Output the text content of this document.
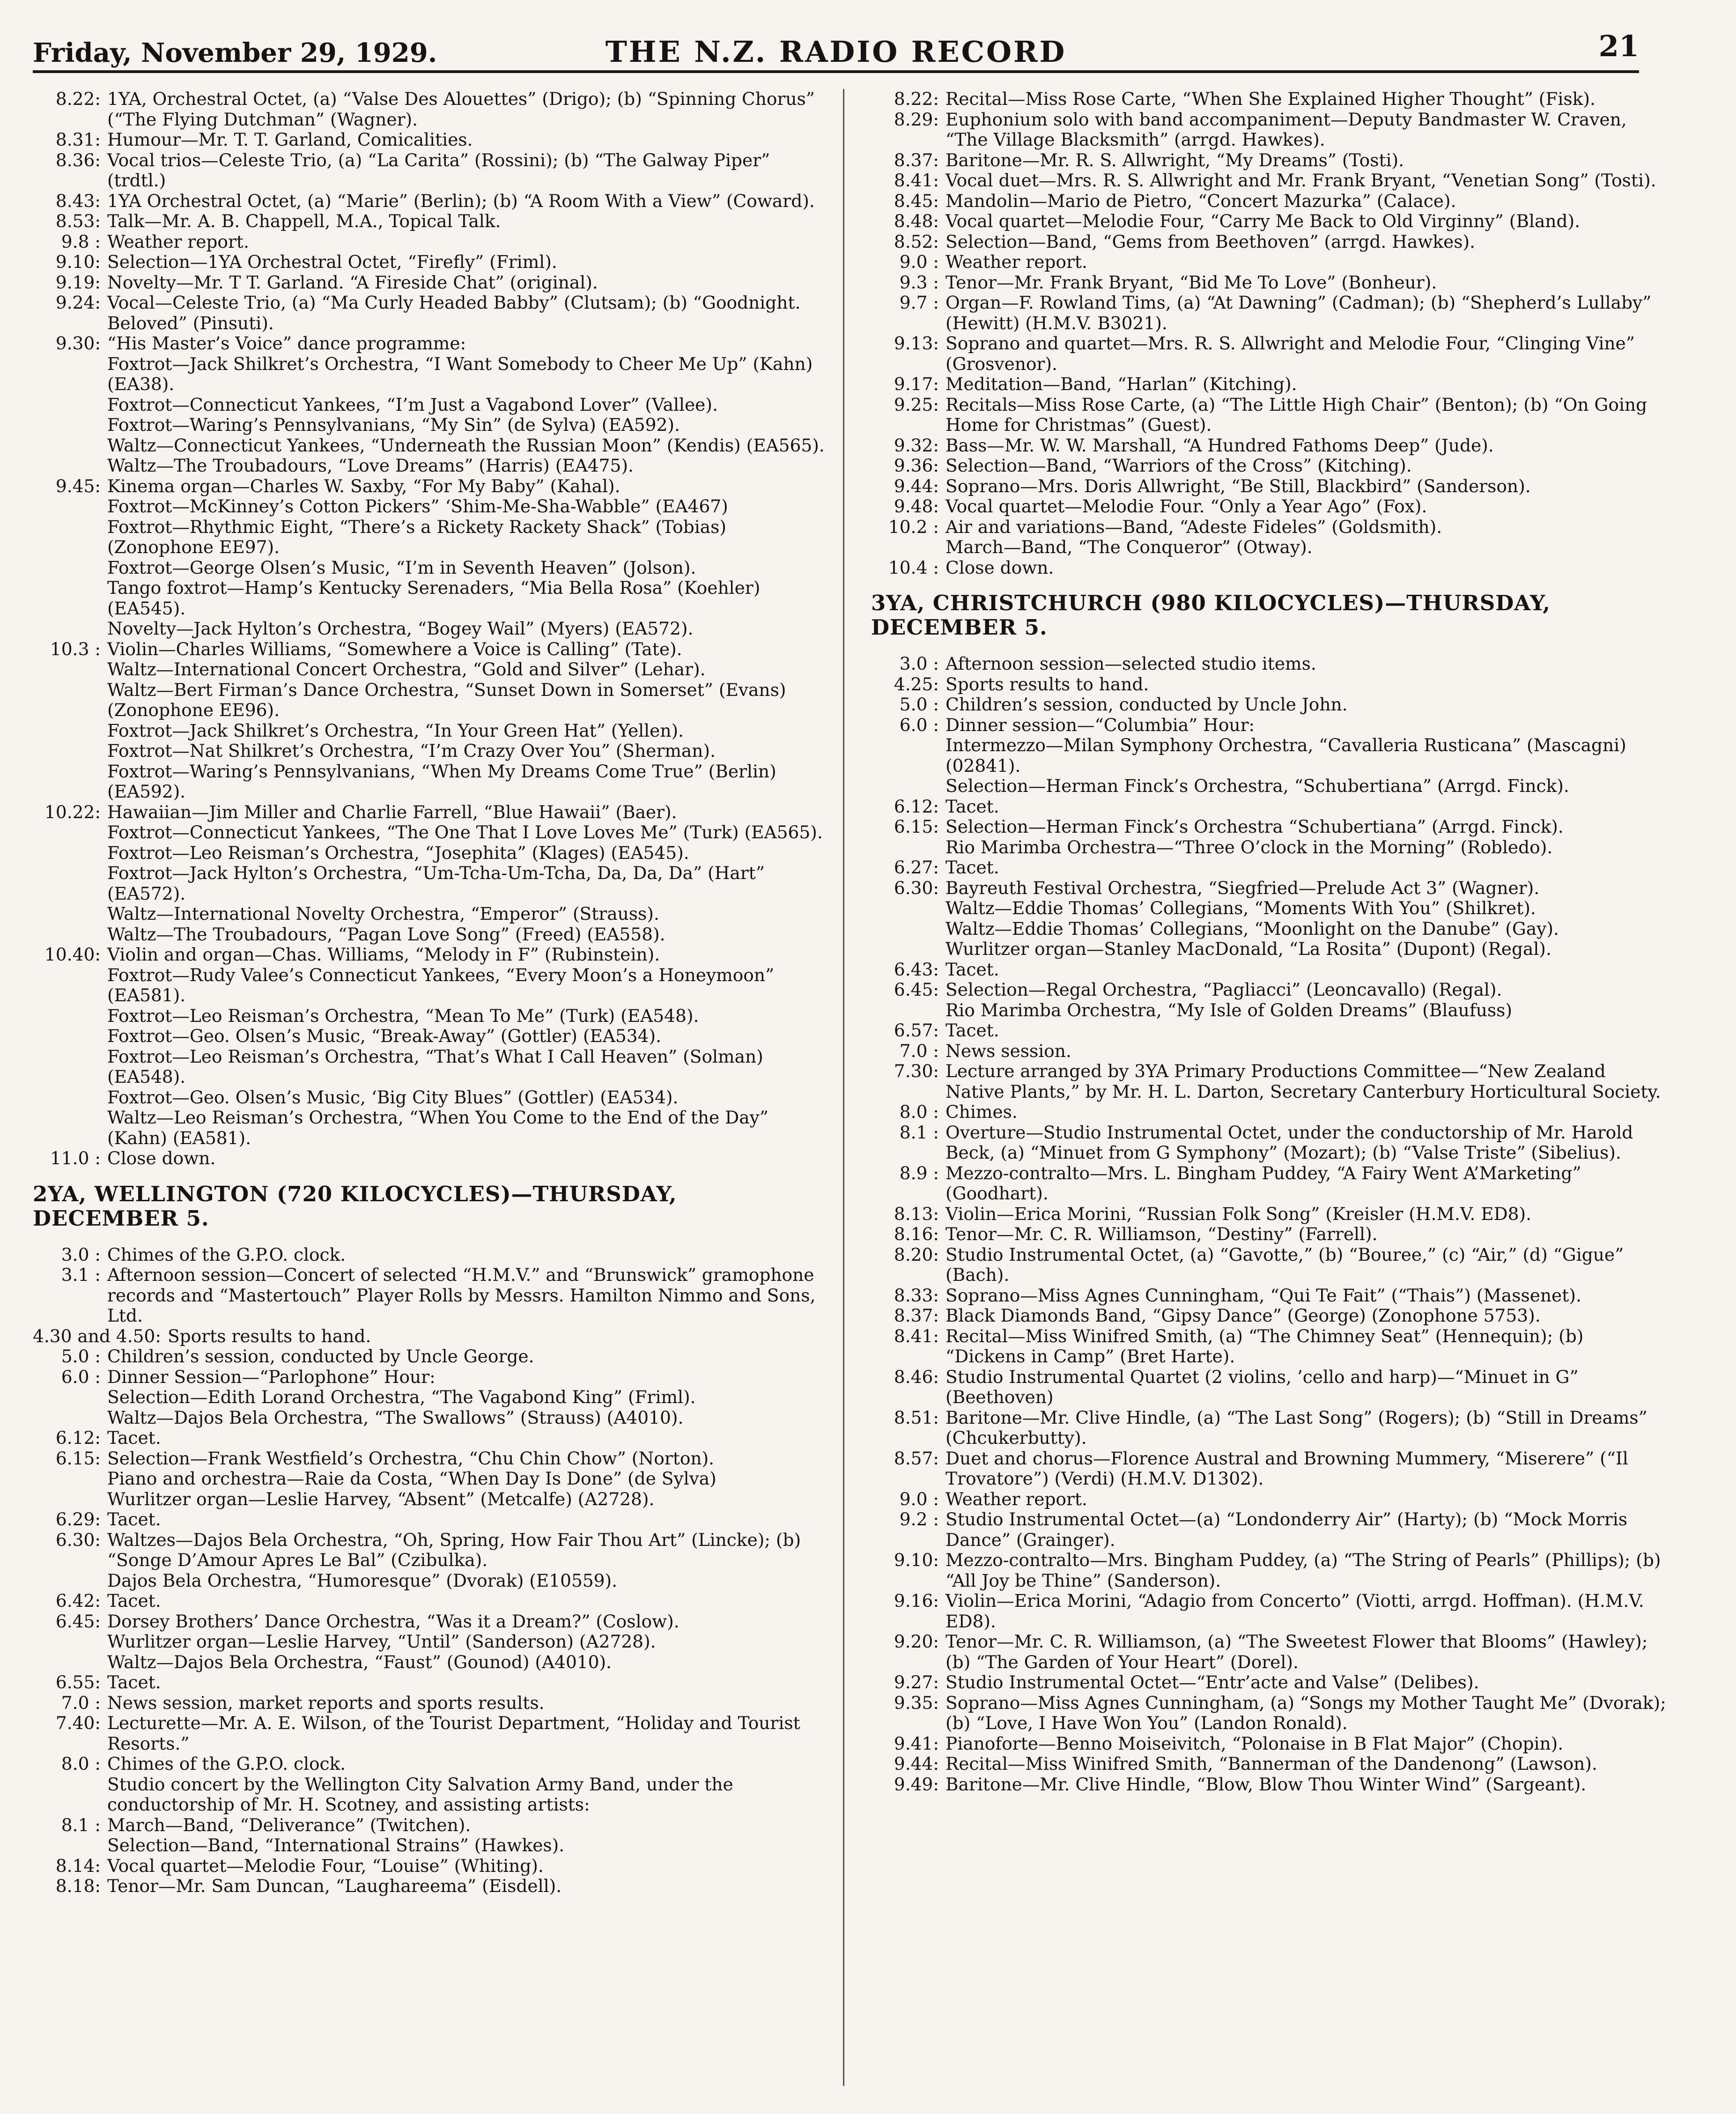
Friday, November 29, 1929.	THE N.Z. RADIO RECORD	21
8.22: 1YA, Orchestral Octet, (a) “Valse Des Alouettes” (Drigo); (b) “Spinning Chorus” (“The Flying Dutchman” (Wagner).
8.31: Humour—Mr. T. T. Garland, Comicalities.
8.36: Vocal trios—Celeste Trio, (a) “La Carita” (Rossini); (b) “The Galway Piper” (trdtl.)
8.43: 1YA Orchestral Octet, (a) “Marie” (Berlin); (b) “A Room With a View” (Coward).
8.53: Talk—Mr. A. B. Chappell, M.A., Topical Talk.
9.8 : Weather report.
9.10: Selection—1YA Orchestral Octet, “Firefly” (Friml).
9.19: Novelty—Mr. T T. Garland. “A Fireside Chat” (original).
9.24: Vocal—Celeste Trio, (a) “Ma Curly Headed Babby” (Clutsam); (b) “Goodnight. Beloved” (Pinsuti).
9.30: “His Master’s Voice” dance programme:
Foxtrot—Jack Shilkret’s Orchestra, “I Want Somebody to Cheer Me Up” (Kahn) (EA38).
Foxtrot—Connecticut Yankees, “I’m Just a Vagabond Lover” (Vallee).
Foxtrot—Waring’s Pennsylvanians, “My Sin” (de Sylva) (EA592).
Waltz—Connecticut Yankees, “Underneath the Russian Moon” (Kendis) (EA565).
Waltz—The Troubadours, “Love Dreams” (Harris) (EA475).
9.45: Kinema organ—Charles W. Saxby, “For My Baby” (Kahal).
Foxtrot—McKinney’s Cotton Pickers” ‘Shim-Me-Sha-Wabble” (EA467)
Foxtrot—Rhythmic Eight, “There’s a Rickety Rackety Shack” (Tobias) (Zonophone EE97).
Foxtrot—George Olsen’s Music, “I’m in Seventh Heaven” (Jolson).
Tango foxtrot—Hamp’s Kentucky Serenaders, “Mia Bella Rosa” (Koehler) (EA545).
Novelty—Jack Hylton’s Orchestra, “Bogey Wail” (Myers) (EA572).
10.3 : Violin—Charles Williams, “Somewhere a Voice is Calling” (Tate).
Waltz—International Concert Orchestra, “Gold and Silver” (Lehar).
Waltz—Bert Firman’s Dance Orchestra, “Sunset Down in Somerset” (Evans) (Zonophone EE96).
Foxtrot—Jack Shilkret’s Orchestra, “In Your Green Hat” (Yellen).
Foxtrot—Nat Shilkret’s Orchestra, “I’m Crazy Over You” (Sherman).
Foxtrot—Waring’s Pennsylvanians, “When My Dreams Come True” (Berlin) (EA592).
10.22: Hawaiian—Jim Miller and Charlie Farrell, “Blue Hawaii” (Baer).
Foxtrot—Connecticut Yankees, “The One That I Love Loves Me” (Turk) (EA565).
Foxtrot—Leo Reisman’s Orchestra, “Josephita” (Klages) (EA545).
Foxtrot—Jack Hylton’s Orchestra, “Um-Tcha-Um-Tcha, Da, Da, Da” (Hart” (EA572).
Waltz—International Novelty Orchestra, “Emperor” (Strauss).
Waltz—The Troubadours, “Pagan Love Song” (Freed) (EA558).
10.40: Violin and organ—Chas. Williams, “Melody in F” (Rubinstein).
Foxtrot—Rudy Valee’s Connecticut Yankees, “Every Moon’s a Honeymoon” (EA581).
Foxtrot—Leo Reisman’s Orchestra, “Mean To Me” (Turk) (EA548).
Foxtrot—Geo. Olsen’s Music, “Break-Away” (Gottler) (EA534).
Foxtrot—Leo Reisman’s Orchestra, “That’s What I Call Heaven” (Solman) (EA548).
Foxtrot—Geo. Olsen’s Music, ‘Big City Blues” (Gottler) (EA534).
Waltz—Leo Reisman’s Orchestra, “When You Come to the End of the Day” (Kahn) (EA581).
11.0 : Close down.
2YA, WELLINGTON (720 KILOCYCLES)—THURSDAY, DECEMBER 5.
3.0 : Chimes of the G.P.O. clock.
3.1 : Afternoon session—Concert of selected “H.M.V.” and “Brunswick” gramophone records and “Mastertouch” Player Rolls by Messrs. Hamilton Nimmo and Sons, Ltd.
4.30 and 4.50: Sports results to hand.
5.0 : Children’s session, conducted by Uncle George.
6.0 : Dinner Session—“Parlophone” Hour:
Selection—Edith Lorand Orchestra, “The Vagabond King” (Friml).
Waltz—Dajos Bela Orchestra, “The Swallows” (Strauss) (A4010).
6.12: Tacet.
6.15: Selection—Frank Westfield’s Orchestra, “Chu Chin Chow” (Norton).
Piano and orchestra—Raie da Costa, “When Day Is Done” (de Sylva)
Wurlitzer organ—Leslie Harvey, “Absent” (Metcalfe) (A2728).
6.29: Tacet.
6.30: Waltzes—Dajos Bela Orchestra, “Oh, Spring, How Fair Thou Art” (Lincke); (b) “Songe D’Amour Apres Le Bal” (Czibulka).
Dajos Bela Orchestra, “Humoresque” (Dvorak) (E10559).
6.42: Tacet.
6.45: Dorsey Brothers’ Dance Orchestra, “Was it a Dream?” (Coslow).
Wurlitzer organ—Leslie Harvey, “Until” (Sanderson) (A2728).
Waltz—Dajos Bela Orchestra, “Faust” (Gounod) (A4010).
6.55: Tacet.
7.0 : News session, market reports and sports results.
7.40: Lecturette—Mr. A. E. Wilson, of the Tourist Department, “Holiday and Tourist Resorts.”
8.0 : Chimes of the G.P.O. clock.
Studio concert by the Wellington City Salvation Army Band, under the conductorship of Mr. H. Scotney, and assisting artists:
8.1 : March—Band, “Deliverance” (Twitchen).
Selection—Band, “International Strains” (Hawkes).
8.14: Vocal quartet—Melodie Four, “Louise” (Whiting).
8.18: Tenor—Mr. Sam Duncan, “Laughareema” (Eisdell).
8.22: Recital—Miss Rose Carte, “When She Explained Higher Thought” (Fisk).
8.29: Euphonium solo with band accompaniment—Deputy Bandmaster W. Craven, “The Village Blacksmith” (arrgd. Hawkes).
8.37: Baritone—Mr. R. S. Allwright, “My Dreams” (Tosti).
8.41: Vocal duet—Mrs. R. S. Allwright and Mr. Frank Bryant, “Venetian Song” (Tosti).
8.45: Mandolin—Mario de Pietro, “Concert Mazurka” (Calace).
8.48: Vocal quartet—Melodie Four, “Carry Me Back to Old Virginny” (Bland).
8.52: Selection—Band, “Gems from Beethoven” (arrgd. Hawkes).
9.0 : Weather report.
9.3 : Tenor—Mr. Frank Bryant, “Bid Me To Love” (Bonheur).
9.7 : Organ—F. Rowland Tims, (a) “At Dawning” (Cadman); (b) “Shepherd’s Lullaby” (Hewitt) (H.M.V. B3021).
9.13: Soprano and quartet—Mrs. R. S. Allwright and Melodie Four, “Clinging Vine” (Grosvenor).
9.17: Meditation—Band, “Harlan” (Kitching).
9.25: Recitals—Miss Rose Carte, (a) “The Little High Chair” (Benton); (b) “On Going Home for Christmas” (Guest).
9.32: Bass—Mr. W. W. Marshall, “A Hundred Fathoms Deep” (Jude).
9.36: Selection—Band, “Warriors of the Cross” (Kitching).
9.44: Soprano—Mrs. Doris Allwright, “Be Still, Blackbird” (Sanderson).
9.48: Vocal quartet—Melodie Four. “Only a Year Ago” (Fox).
10.2 : Air and variations—Band, “Adeste Fideles” (Goldsmith).
March—Band, “The Conqueror” (Otway).
10.4 : Close down.
3YA, CHRISTCHURCH (980 KILOCYCLES)—THURSDAY, DECEMBER 5.
3.0 : Afternoon session—selected studio items.
4.25: Sports results to hand.
5.0 : Children’s session, conducted by Uncle John.
6.0 : Dinner session—“Columbia” Hour:
Intermezzo—Milan Symphony Orchestra, “Cavalleria Rusticana” (Mascagni) (02841).
Selection—Herman Finck’s Orchestra, “Schubertiana” (Arrgd. Finck).
6.12: Tacet.
6.15: Selection—Herman Finck’s Orchestra “Schubertiana” (Arrgd. Finck).
Rio Marimba Orchestra—“Three O’clock in the Morning” (Robledo).
6.27: Tacet.
6.30: Bayreuth Festival Orchestra, “Siegfried—Prelude Act 3” (Wagner).
Waltz—Eddie Thomas’ Collegians, “Moments With You” (Shilkret).
Waltz—Eddie Thomas’ Collegians, “Moonlight on the Danube” (Gay).
Wurlitzer organ—Stanley MacDonald, “La Rosita” (Dupont) (Regal).
6.43: Tacet.
6.45: Selection—Regal Orchestra, “Pagliacci” (Leoncavallo) (Regal).
Rio Marimba Orchestra, “My Isle of Golden Dreams” (Blaufuss)
6.57: Tacet.
7.0 : News session.
7.30: Lecture arranged by 3YA Primary Productions Committee—“New Zealand Native Plants,” by Mr. H. L. Darton, Secretary Canterbury Horticultural Society.
8.0 : Chimes.
8.1 : Overture—Studio Instrumental Octet, under the conductorship of Mr. Harold Beck, (a) “Minuet from G Symphony” (Mozart); (b) “Valse Triste” (Sibelius).
8.9 : Mezzo-contralto—Mrs. L. Bingham Puddey, “A Fairy Went A’Marketing” (Goodhart).
8.13: Violin—Erica Morini, “Russian Folk Song” (Kreisler (H.M.V. ED8).
8.16: Tenor—Mr. C. R. Williamson, “Destiny” (Farrell).
8.20: Studio Instrumental Octet, (a) “Gavotte,” (b) “Bouree,” (c) “Air,” (d) “Gigue” (Bach).
8.33: Soprano—Miss Agnes Cunningham, “Qui Te Fait” (“Thais”) (Massenet).
8.37: Black Diamonds Band, “Gipsy Dance” (George) (Zonophone 5753).
8.41: Recital—Miss Winifred Smith, (a) “The Chimney Seat” (Hennequin); (b) “Dickens in Camp” (Bret Harte).
8.46: Studio Instrumental Quartet (2 violins, ’cello and harp)—“Minuet in G” (Beethoven)
8.51: Baritone—Mr. Clive Hindle, (a) “The Last Song” (Rogers); (b) “Still in Dreams” (Chcukerbutty).
8.57: Duet and chorus—Florence Austral and Browning Mummery, “Miserere” (“Il Trovatore”) (Verdi) (H.M.V. D1302).
9.0 : Weather report.
9.2 : Studio Instrumental Octet—(a) “Londonderry Air” (Harty); (b) “Mock Morris Dance” (Grainger).
9.10: Mezzo-contralto—Mrs. Bingham Puddey, (a) “The String of Pearls” (Phillips); (b) “All Joy be Thine” (Sanderson).
9.16: Violin—Erica Morini, “Adagio from Concerto” (Viotti, arrgd. Hoffman). (H.M.V. ED8).
9.20: Tenor—Mr. C. R. Williamson, (a) “The Sweetest Flower that Blooms” (Hawley); (b) “The Garden of Your Heart” (Dorel).
9.27: Studio Instrumental Octet—“Entr’acte and Valse” (Delibes).
9.35: Soprano—Miss Agnes Cunningham, (a) “Songs my Mother Taught Me” (Dvorak); (b) “Love, I Have Won You” (Landon Ronald).
9.41: Pianoforte—Benno Moiseivitch, “Polonaise in B Flat Major” (Chopin).
9.44: Recital—Miss Winifred Smith, “Bannerman of the Dandenong” (Lawson).
9.49: Baritone—Mr. Clive Hindle, “Blow, Blow Thou Winter Wind” (Sargeant).
